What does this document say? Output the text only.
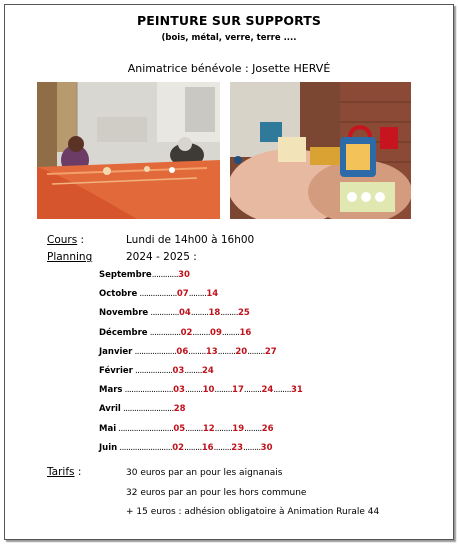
PEINTURE SUR SUPPORTS
(bois, métal, verre, terre ....
Animatrice bénévole : Josette HERVÉ
Cours :	Lundi de 14h00 à 16h00
Planning	2024 - 2025 :
Septembre............30
Octobre .................07........14
Novembre .............04........18........25
Décembre ..............02........09........16
Janvier ...................06........13........20........27
Février .................03........24
Mars ......................03........10........17........24........31
Avril .......................28
Mai .........................05........12........19........26
Juin ........................02........16........23........30
Tarifs :	30 euros par an pour les aignanais
32 euros par an pour les hors commune
+ 15 euros : adhésion obligatoire à Animation Rurale 44
